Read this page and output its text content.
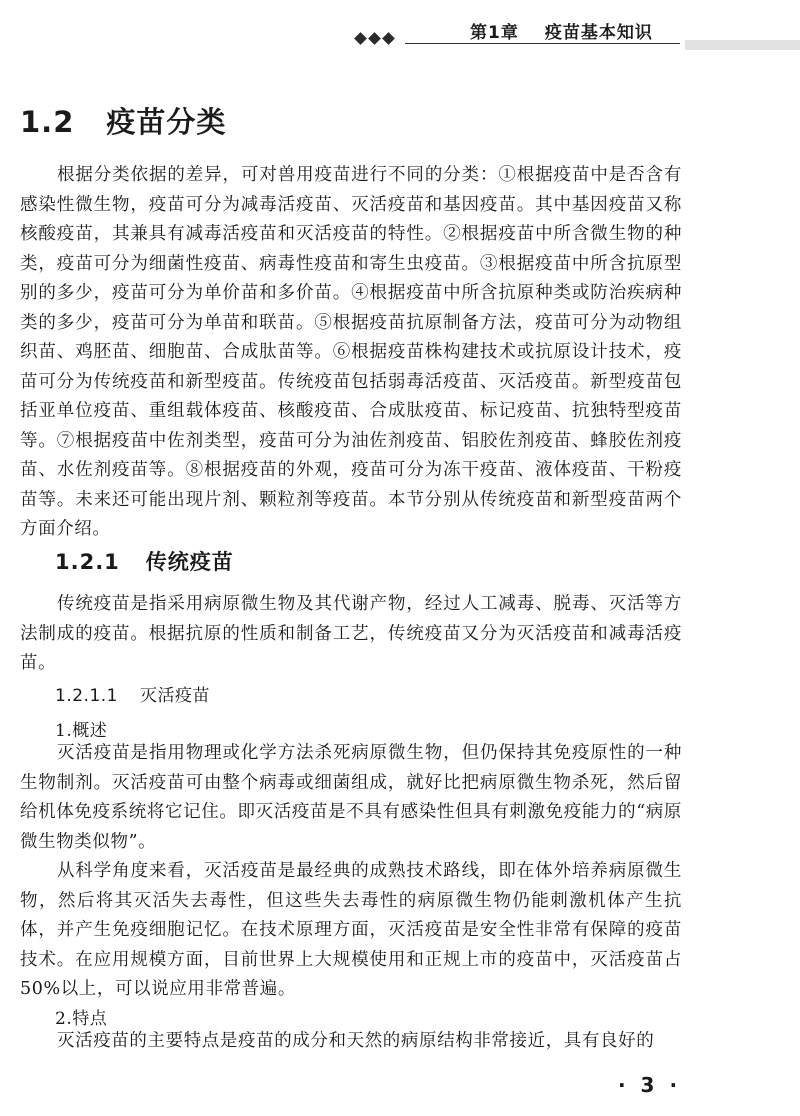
第1章 疫苗基本知识
1.2 疫苗分类

根据分类依据的差异，可对兽用疫苗进行不同的分类：①根据疫苗中是否含有感染性微生物，疫苗可分为减毒活疫苗、灭活疫苗和基因疫苗。其中基因疫苗又称核酸疫苗，其兼具有减毒活疫苗和灭活疫苗的特性。②根据疫苗中所含微生物的种类，疫苗可分为细菌性疫苗、病毒性疫苗和寄生虫疫苗。③根据疫苗中所含抗原型别的多少，疫苗可分为单价苗和多价苗。④根据疫苗中所含抗原种类或防治疾病种类的多少，疫苗可分为单苗和联苗。⑤根据疫苗抗原制备方法，疫苗可分为动物组织苗、鸡胚苗、细胞苗、合成肽苗等。⑥根据疫苗株构建技术或抗原设计技术，疫苗可分为传统疫苗和新型疫苗。传统疫苗包括弱毒活疫苗、灭活疫苗。新型疫苗包括亚单位疫苗、重组载体疫苗、核酸疫苗、合成肽疫苗、标记疫苗、抗独特型疫苗等。⑦根据疫苗中佐剂类型，疫苗可分为油佐剂疫苗、铝胶佐剂疫苗、蜂胶佐剂疫苗、水佐剂疫苗等。⑧根据疫苗的外观，疫苗可分为冻干疫苗、液体疫苗、干粉疫苗等。未来还可能出现片剂、颗粒剂等疫苗。本节分别从传统疫苗和新型疫苗两个方面介绍。

1.2.1 传统疫苗

传统疫苗是指采用病原微生物及其代谢产物，经过人工减毒、脱毒、灭活等方法制成的疫苗。根据抗原的性质和制备工艺，传统疫苗又分为灭活疫苗和减毒活疫苗。

1.2.1.1 灭活疫苗
1.概述

灭活疫苗是指用物理或化学方法杀死病原微生物，但仍保持其免疫原性的一种生物制剂。灭活疫苗可由整个病毒或细菌组成，就好比把病原微生物杀死，然后留给机体免疫系统将它记住。即灭活疫苗是不具有感染性但具有刺激免疫能力的“病原微生物类似物”。

从科学角度来看，灭活疫苗是最经典的成熟技术路线，即在体外培养病原微生物，然后将其灭活失去毒性，但这些失去毒性的病原微生物仍能刺激机体产生抗体，并产生免疫细胞记忆。在技术原理方面，灭活疫苗是安全性非常有保障的疫苗技术。在应用规模方面，目前世界上大规模使用和正规上市的疫苗中，灭活疫苗占50%以上，可以说应用非常普遍。

2.特点

灭活疫苗的主要特点是疫苗的成分和天然的病原结构非常接近，具有良好的

· 3 ·
